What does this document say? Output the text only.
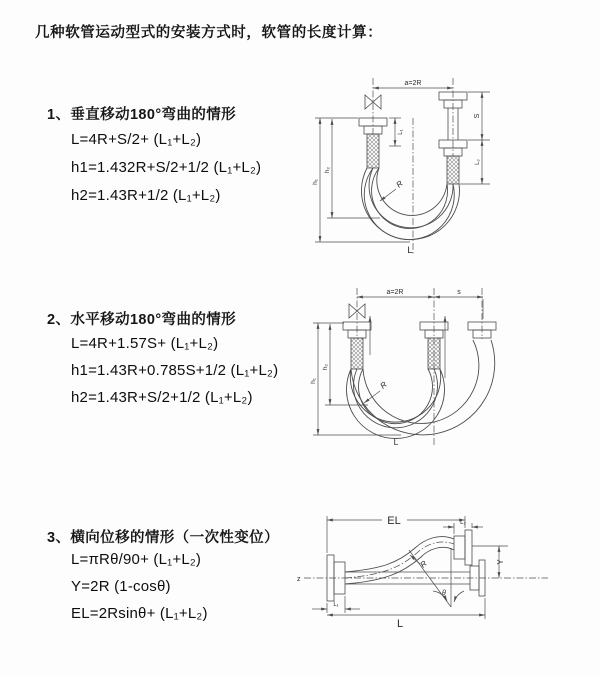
几种软管运动型式的安装方式时，软管的长度计算：
1、垂直移动180°弯曲的情形
L=4R+S/2+ (L₁+L₂)
h1=1.432R+S/2+1/2 (L₁+L₂)
h2=1.43R+1/2 (L₁+L₂)
2、水平移动180°弯曲的情形
L=4R+1.57S+ (L₁+L₂)
h1=1.43R+0.785S+1/2 (L₁+L₂)
h2=1.43R+S/2+1/2 (L₁+L₂)
3、横向位移的情形（一次性变位）
L=πRθ/90+ (L₁+L₂)
Y=2R (1-cosθ)
EL=2Rsinθ+ (L₁+L₂)
a=2R
L₁
S
L₂
h₁
h₂
R
L
a=2R	s
h₁
h₂
R
L
EL	L₂
Y
R
θ
L
L₁
z
